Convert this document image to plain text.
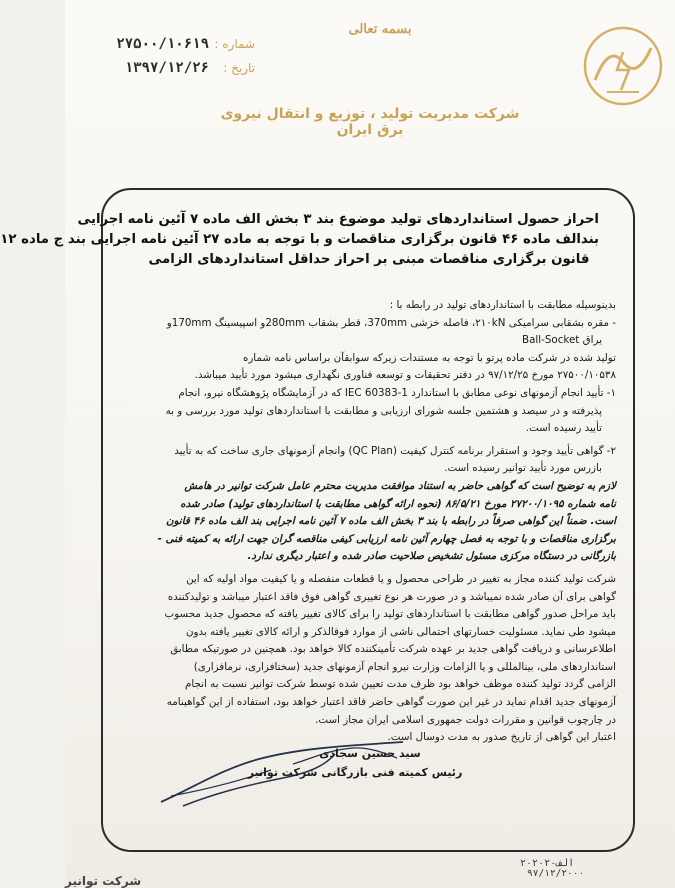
بسمه تعالی
شماره :
۲۷۵۰۰/۱۰۶۱۹
تاریخ :
۱۳۹۷/۱۲/۲۶
شرکت مدیریت تولید ، توزیع و انتقال نیروی برق ایران
احراز حصول استانداردهای تولید موضوع بند ۳ بخش الف ماده ۷ آئین نامه اجرایی
بندالف ماده ۴۶ قانون برگزاری مناقصات و با توجه به ماده ۲۷ آئین نامه اجرایی بند ج ماده ۱۲
قانون برگزاری مناقصات مبنی بر احراز حداقل استانداردهای الزامی
بدینوسیله مطابقت با استانداردهای تولید در رابطه با :
- مقره بشقابی سرامیکی ۲۱۰kN، فاصله خزشی 370mm، قطر بشقاب 280mmو اسپیسینگ 170mmو
یراق Ball-Socket
تولید شده در شرکت ماده پرتو با توجه به مستندات زیرکه سوابقآن براساس نامه شماره
۲۷۵۰۰/۱۰۵۳۸ مورخ ۹۷/۱۲/۲۵ در دفتر تحقیقات و توسعه فناوری نگهداری میشود مورد تأیید میباشد.
۱- تأیید انجام آزمونهای نوعی مطابق با استاندارد IEC 60383-1 که در آزمایشگاه پژوهشگاه نیرو، انجام
پذیرفته و در سیصد و هشتمین جلسه شورای ارزیابی و مطابقت با استانداردهای تولید مورد بررسی و به
تأیید رسیده است.
۲- گواهی تأیید وجود و استقرار برنامه کنترل کیفیت (QC Plan) وانجام آزمونهای جاری ساخت که به تأیید
بازرس مورد تأیید توانیر رسیده است.
لازم به توضیح است که گواهی حاضر به استناد موافقت مدیریت محترم عامل شرکت توانیر در هامش
نامه شماره ۲۷۲۰۰/۱۰۹۵ مورخ ۸۶/۵/۲۱ (نحوه ارائه گواهی مطابقت با استانداردهای تولید) صادر شده
است. ضمناً این گواهی صرفاً در رابطه با بند ۳ بخش الف ماده ۷ آئین نامه اجرایی بند الف ماده ۴۶ قانون
برگزاری مناقصات و با توجه به فصل چهارم آئین نامه ارزیابی کیفی مناقصه گران جهت ارائه به کمیته فنی -
بازرگانی در دستگاه مرکزی مسئول تشخیص صلاحیت صادر شده و اعتبار دیگری ندارد.
شرکت تولید کننده مجاز به تغییر در طراحی محصول و یا قطعات منفصله و یا کیفیت مواد اولیه که این
گواهی برای آن صادر شده نمیباشد و در صورت هر نوع تغییری گواهی فوق فاقد اعتبار میباشد و تولیدکننده
باید مراحل صدور گواهی مطابقت با استانداردهای تولید را برای کالای تغییر یافته که محصول جدید محسوب
میشود طی نماید. مسئولیت خسارتهای احتمالی ناشی از موارد فوقالذکر و ارائه کالای تغییر یافته بدون
اطلاعرسانی و دریافت گواهی جدید بر عهده شرکت تأمینکننده کالا خواهد بود. همچنین در صورتیکه مطابق
استانداردهای ملی، بینالمللی و یا الزامات وزارت نیرو انجام آزمونهای جدید (سختافزاری، نرمافزاری)
الزامی گردد تولید کننده موظف خواهد بود ظرف مدت تعیین شده توسط شرکت توانیر نسبت به انجام
آزمونهای جدید اقدام نماید در غیر این صورت گواهی حاضر فاقد اعتبار خواهد بود، استفاده از این گواهینامه
در چارچوب قوانین و مقررات دولت جمهوری اسلامی ایران مجاز است.
اعتبار این گواهی از تاریخ صدور به مدت دوسال است.
سید حسین سجادی
رئیس کمیته فنی بازرگانی شرکت توانیر
الف۲۰۲۰۲۰
۹۷/۱۲/۲۰۰۰
شرکت توانیر
